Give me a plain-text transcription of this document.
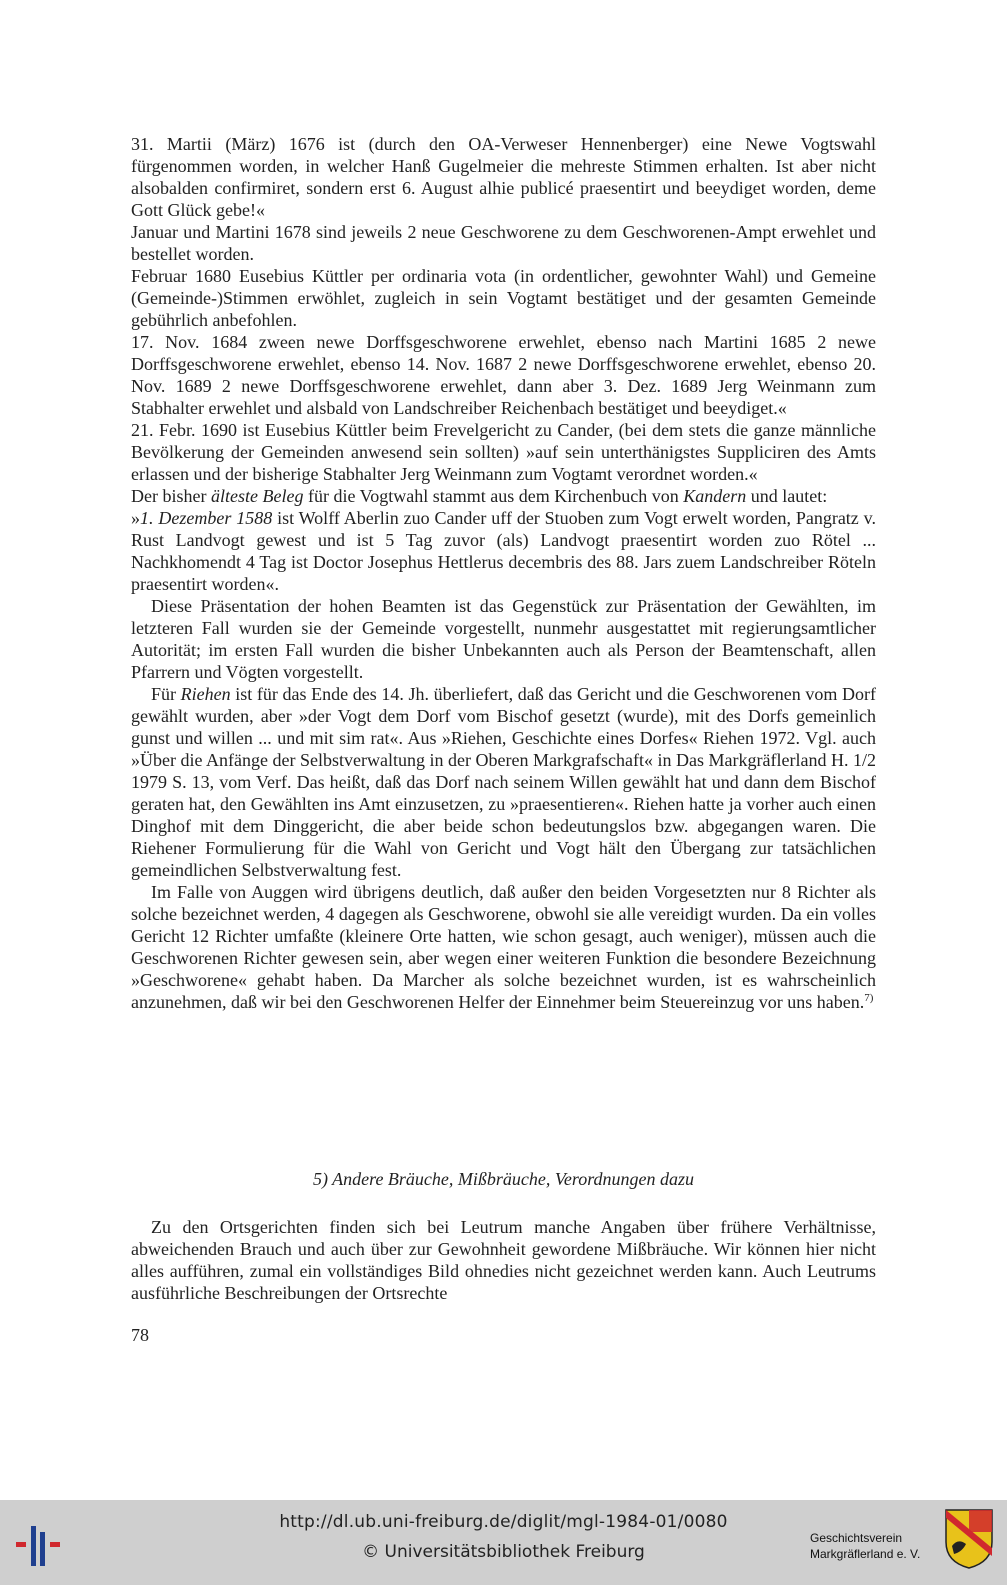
31. Martii (März) 1676 ist (durch den OA-Verweser Hennenberger) eine Newe Vogtswahl fürgenommen worden, in welcher Hanß Gugelmeier die mehreste Stimmen erhalten. Ist aber nicht alsobalden confirmiret, sondern erst 6. August alhie publicé praesentirt und beeydiget worden, deme Gott Glück gebe!«

Januar und Martini 1678 sind jeweils 2 neue Geschworene zu dem Geschworenen-Ampt erwehlet und bestellet worden.

Februar 1680 Eusebius Küttler per ordinaria vota (in ordentlicher, gewohnter Wahl) und Gemeine (Gemeinde-)Stimmen erwöhlet, zugleich in sein Vogtamt bestätiget und der gesamten Gemeinde gebührlich anbefohlen.

17. Nov. 1684 zween newe Dorffsgeschworene erwehlet, ebenso nach Martini 1685 2 newe Dorffsgeschworene erwehlet, ebenso 14. Nov. 1687 2 newe Dorffsgeschworene erwehlet, ebenso 20. Nov. 1689 2 newe Dorffsgeschworene erwehlet, dann aber 3. Dez. 1689 Jerg Weinmann zum Stabhalter erwehlet und alsbald von Landschreiber Reichenbach bestätiget und beeydiget.«

21. Febr. 1690 ist Eusebius Küttler beim Frevelgericht zu Cander, (bei dem stets die ganze männliche Bevölkerung der Gemeinden anwesend sein sollten) »auf sein unterthänigstes Suppliciren des Amts erlassen und der bisherige Stabhalter Jerg Weinmann zum Vogtamt verordnet worden.«

Der bisher älteste Beleg für die Vogtwahl stammt aus dem Kirchenbuch von Kandern und lautet:

»1. Dezember 1588 ist Wolff Aberlin zuo Cander uff der Stuoben zum Vogt erwelt worden, Pangratz v. Rust Landvogt gewest und ist 5 Tag zuvor (als) Landvogt praesentirt worden zuo Rötel ... Nachkhomendt 4 Tag ist Doctor Josephus Hettlerus decembris des 88. Jars zuem Landschreiber Röteln praesentirt worden«.

Diese Präsentation der hohen Beamten ist das Gegenstück zur Präsentation der Gewählten, im letzteren Fall wurden sie der Gemeinde vorgestellt, nunmehr ausgestattet mit regierungsamtlicher Autorität; im ersten Fall wurden die bisher Unbekannten auch als Person der Beamtenschaft, allen Pfarrern und Vögten vorgestellt.

Für Riehen ist für das Ende des 14. Jh. überliefert, daß das Gericht und die Geschworenen vom Dorf gewählt wurden, aber »der Vogt dem Dorf vom Bischof gesetzt (wurde), mit des Dorfs gemeinlich gunst und willen ... und mit sim rat«. Aus »Riehen, Geschichte eines Dorfes« Riehen 1972. Vgl. auch »Über die Anfänge der Selbstverwaltung in der Oberen Markgrafschaft« in Das Markgräflerland H. 1/2 1979 S. 13, vom Verf. Das heißt, daß das Dorf nach seinem Willen gewählt hat und dann dem Bischof geraten hat, den Gewählten ins Amt einzusetzen, zu »praesentieren«. Riehen hatte ja vorher auch einen Dinghof mit dem Dinggericht, die aber beide schon bedeutungslos bzw. abgegangen waren. Die Riehener Formulierung für die Wahl von Gericht und Vogt hält den Übergang zur tatsächlichen gemeindlichen Selbstverwaltung fest.

Im Falle von Auggen wird übrigens deutlich, daß außer den beiden Vorgesetzten nur 8 Richter als solche bezeichnet werden, 4 dagegen als Geschworene, obwohl sie alle vereidigt wurden. Da ein volles Gericht 12 Richter umfaßte (kleinere Orte hatten, wie schon gesagt, auch weniger), müssen auch die Geschworenen Richter gewesen sein, aber wegen einer weiteren Funktion die besondere Bezeichnung »Geschworene« gehabt haben. Da Marcher als solche bezeichnet wurden, ist es wahrscheinlich anzunehmen, daß wir bei den Geschworenen Helfer der Einnehmer beim Steuereinzug vor uns haben.$^{7)}$

5) Andere Bräuche, Mißbräuche, Verordnungen dazu

Zu den Ortsgerichten finden sich bei Leutrum manche Angaben über frühere Verhältnisse, abweichenden Brauch und auch über zur Gewohnheit gewordene Mißbräuche. Wir können hier nicht alles aufführen, zumal ein vollständiges Bild ohnedies nicht gezeichnet werden kann. Auch Leutrums ausführliche Beschreibungen der Ortsrechte

78
http://dl.ub.uni-freiburg.de/diglit/mgl-1984-01/0080
© Universitätsbibliothek Freiburg
Geschichtsverein
Markgräflerland e. V.
